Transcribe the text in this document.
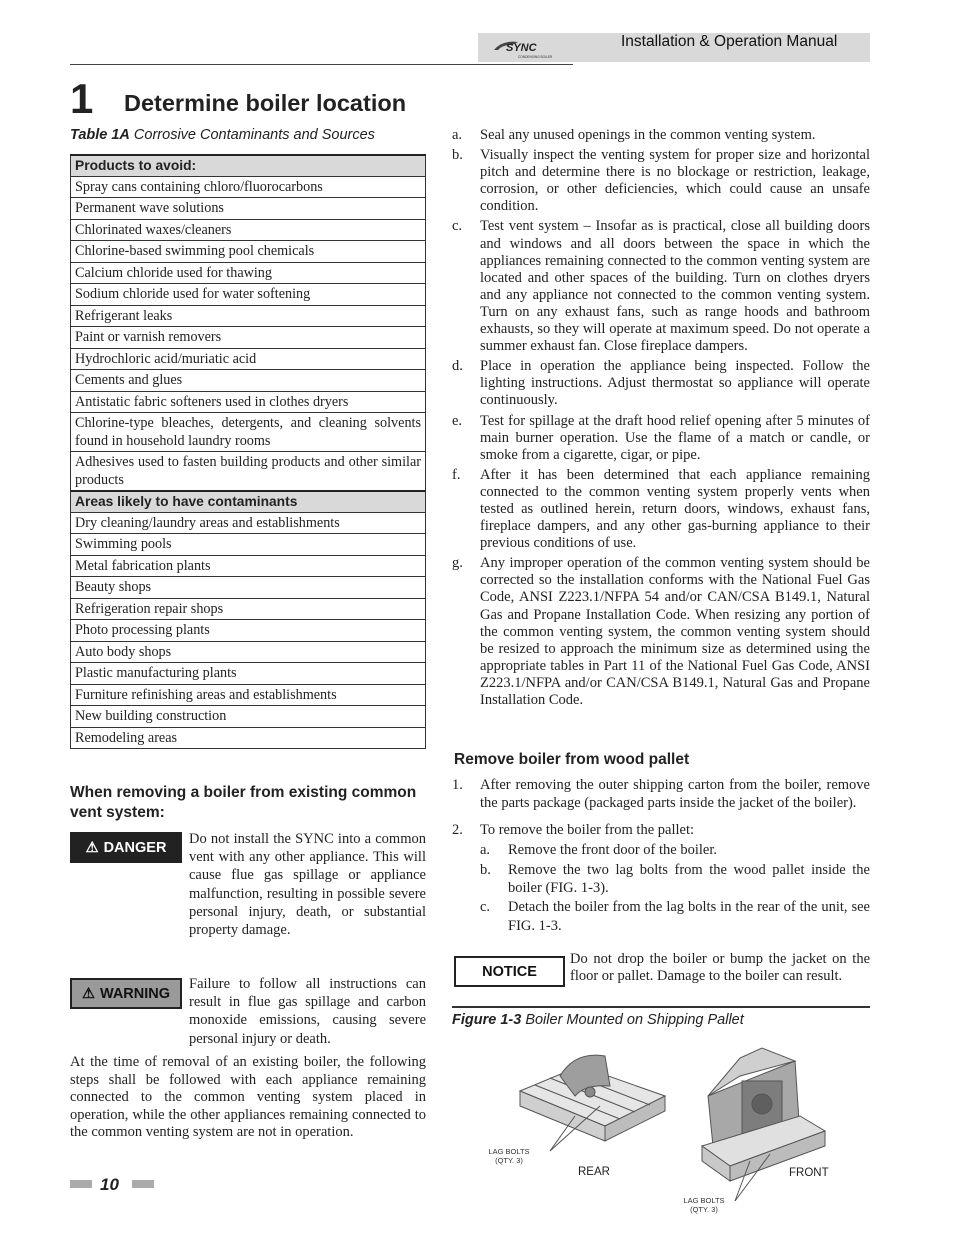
SYNC
CONDENSING BOILER
Installation & Operation Manual
1 Determine boiler location
Table 1A Corrosive Contaminants and Sources
Products to avoid:
Spray cans containing chloro/fluorocarbons
Permanent wave solutions
Chlorinated waxes/cleaners
Chlorine-based swimming pool chemicals
Calcium chloride used for thawing
Sodium chloride used for water softening
Refrigerant leaks
Paint or varnish removers
Hydrochloric acid/muriatic acid
Cements and glues
Antistatic fabric softeners used in clothes dryers
Chlorine-type bleaches, detergents, and cleaning solvents found in household laundry rooms
Adhesives used to fasten building products and other similar products
Areas likely to have contaminants
Dry cleaning/laundry areas and establishments
Swimming pools
Metal fabrication plants
Beauty shops
Refrigeration repair shops
Photo processing plants
Auto body shops
Plastic manufacturing plants
Furniture refinishing areas and establishments
New building construction
Remodeling areas
When removing a boiler from existing common vent system:
⚠ DANGER
Do not install the SYNC into a common vent with any other appliance. This will cause flue gas spillage or appliance malfunction, resulting in possible severe personal injury, death, or substantial property damage.
⚠ WARNING
Failure to follow all instructions can result in flue gas spillage and carbon monoxide emissions, causing severe personal injury or death.
At the time of removal of an existing boiler, the following steps shall be followed with each appliance remaining connected to the common venting system placed in operation, while the other appliances remaining connected to the common venting system are not in operation.
a.	Seal any unused openings in the common venting system.
b.	Visually inspect the venting system for proper size and horizontal pitch and determine there is no blockage or restriction, leakage, corrosion, or other deficiencies, which could cause an unsafe condition.
c.	Test vent system – Insofar as is practical, close all building doors and windows and all doors between the space in which the appliances remaining connected to the common venting system are located and other spaces of the building. Turn on clothes dryers and any appliance not connected to the common venting system. Turn on any exhaust fans, such as range hoods and bathroom exhausts, so they will operate at maximum speed. Do not operate a summer exhaust fan. Close fireplace dampers.
d.	Place in operation the appliance being inspected. Follow the lighting instructions. Adjust thermostat so appliance will operate continuously.
e.	Test for spillage at the draft hood relief opening after 5 minutes of main burner operation. Use the flame of a match or candle, or smoke from a cigarette, cigar, or pipe.
f.	After it has been determined that each appliance remaining connected to the common venting system properly vents when tested as outlined herein, return doors, windows, exhaust fans, fireplace dampers, and any other gas-burning appliance to their previous conditions of use.
g.	Any improper operation of the common venting system should be corrected so the installation conforms with the National Fuel Gas Code, ANSI Z223.1/NFPA 54 and/or CAN/CSA B149.1, Natural Gas and Propane Installation Code. When resizing any portion of the common venting system, the common venting system should be resized to approach the minimum size as determined using the appropriate tables in Part 11 of the National Fuel Gas Code, ANSI Z223.1/NFPA and/or CAN/CSA B149.1, Natural Gas and Propane Installation Code.
Remove boiler from wood pallet
1.	After removing the outer shipping carton from the boiler, remove the parts package (packaged parts inside the jacket of the boiler).
2.	To remove the boiler from the pallet:
a.	Remove the front door of the boiler.
b.	Remove the two lag bolts from the wood pallet inside the boiler (FIG. 1-3).
c.	Detach the boiler from the lag bolts in the rear of the unit, see FIG. 1-3.
NOTICE
Do not drop the boiler or bump the jacket on the floor or pallet. Damage to the boiler can result.
Figure 1-3 Boiler Mounted on Shipping Pallet
LAG BOLTS
(QTY. 3)
REAR	FRONT
LAG BOLTS
(QTY. 3)
10
